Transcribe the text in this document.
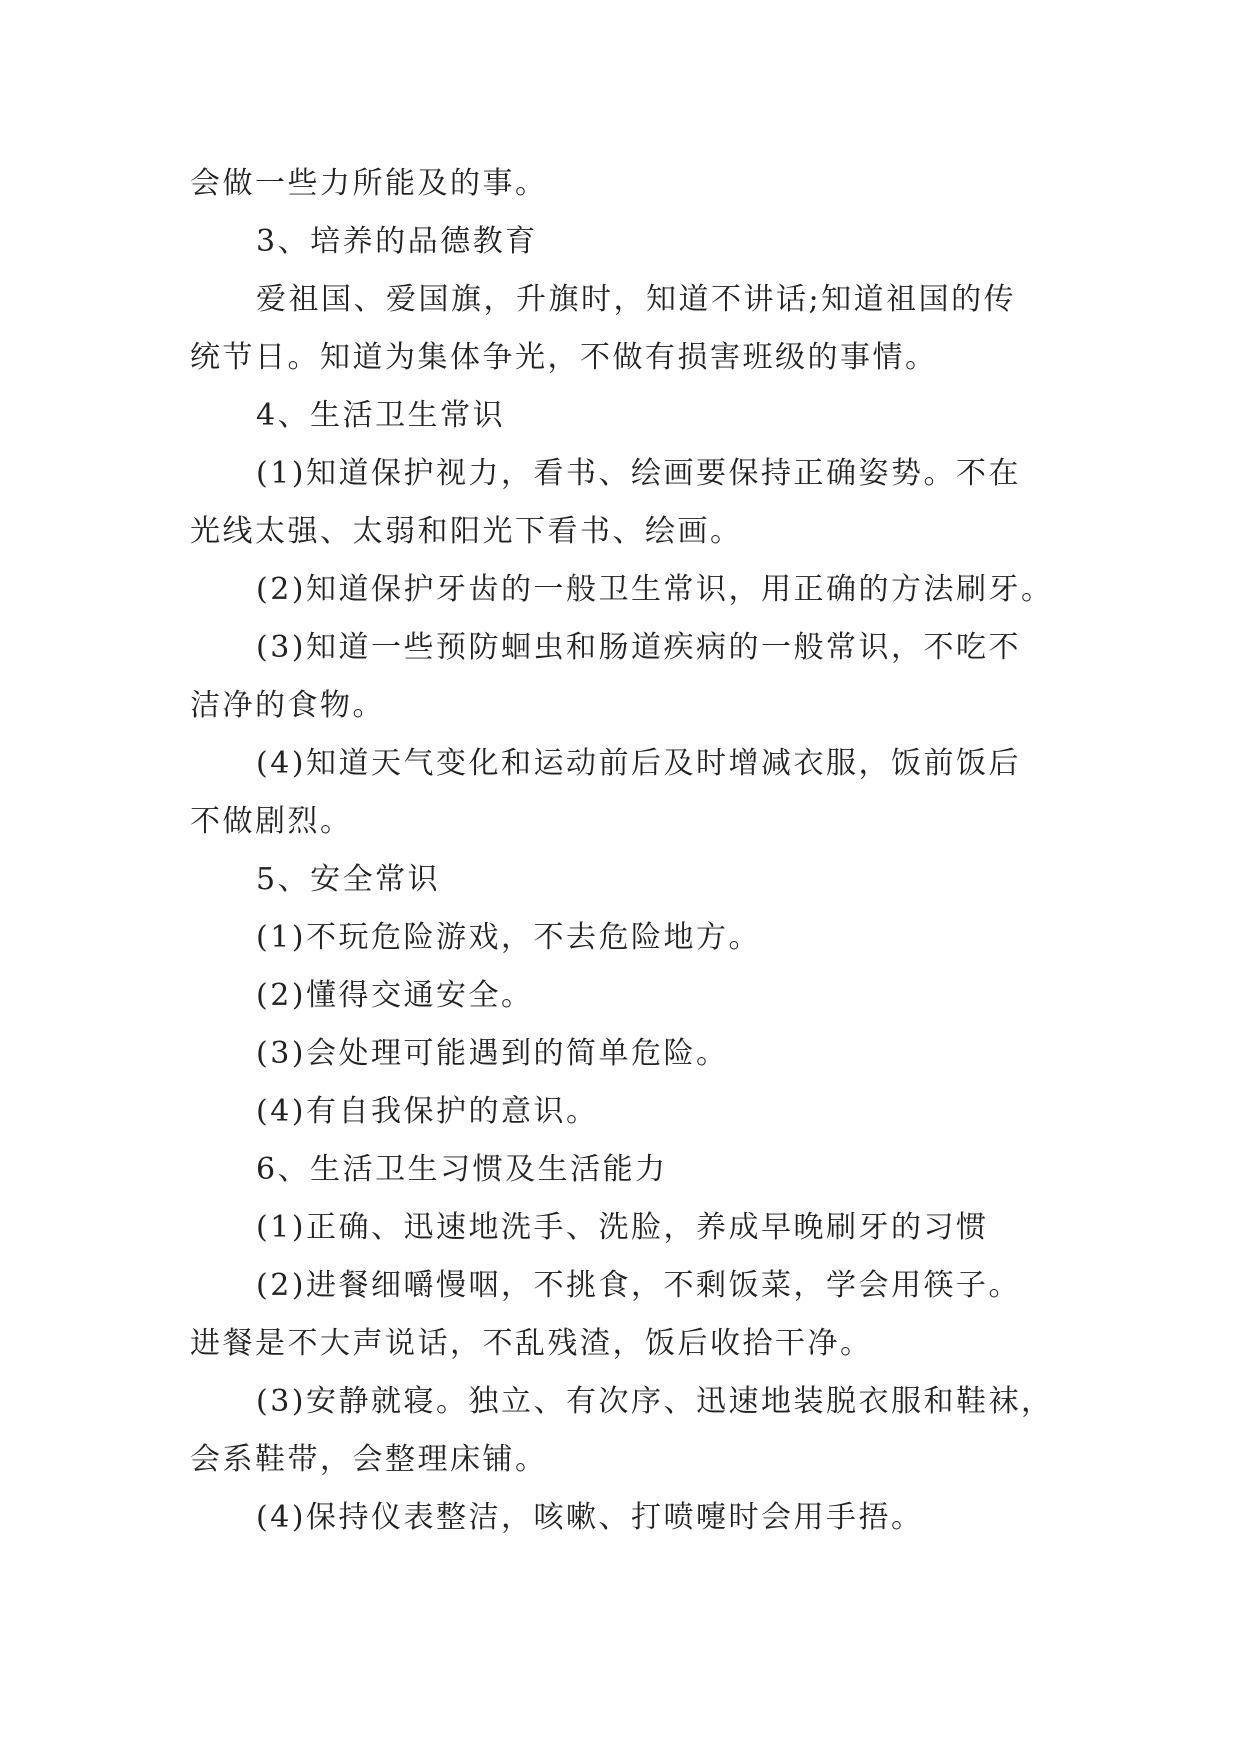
会做一些力所能及的事。
3、培养的品德教育
爱祖国、爱国旗，升旗时，知道不讲话;知道祖国的传
统节日。知道为集体争光，不做有损害班级的事情。
4、生活卫生常识
(1)知道保护视力，看书、绘画要保持正确姿势。不在
光线太强、太弱和阳光下看书、绘画。
(2)知道保护牙齿的一般卫生常识，用正确的方法刷牙。
(3)知道一些预防蛔虫和肠道疾病的一般常识，不吃不
洁净的食物。
(4)知道天气变化和运动前后及时增减衣服，饭前饭后
不做剧烈。
5、安全常识
(1)不玩危险游戏，不去危险地方。
(2)懂得交通安全。
(3)会处理可能遇到的简单危险。
(4)有自我保护的意识。
6、生活卫生习惯及生活能力
(1)正确、迅速地洗手、洗脸，养成早晚刷牙的习惯
(2)进餐细嚼慢咽，不挑食，不剩饭菜，学会用筷子。
进餐是不大声说话，不乱残渣，饭后收拾干净。
(3)安静就寝。独立、有次序、迅速地装脱衣服和鞋袜，
会系鞋带，会整理床铺。
(4)保持仪表整洁，咳嗽、打喷嚏时会用手捂。
